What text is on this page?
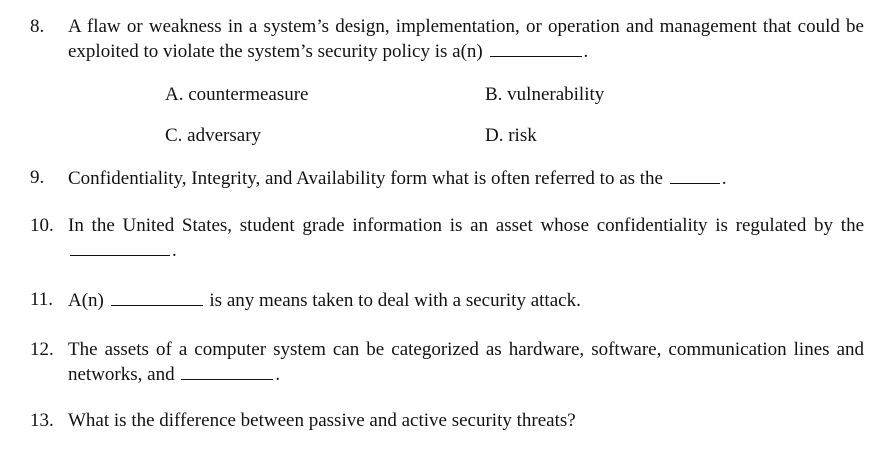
8. A flaw or weakness in a system’s design, implementation, or operation and management that could be exploited to violate the system’s security policy is a(n)	.
A. countermeasure	B. vulnerability
C. adversary	D. risk
9. Confidentiality, Integrity, and Availability form what is often referred to as the	.
10. In the United States, student grade information is an asset whose confidentiality is regulated by the .
11. A(n)	is any means taken to deal with a security attack.
12. The assets of a computer system can be categorized as hardware, software, communication lines and networks, and	.
13. What is the difference between passive and active security threats?
